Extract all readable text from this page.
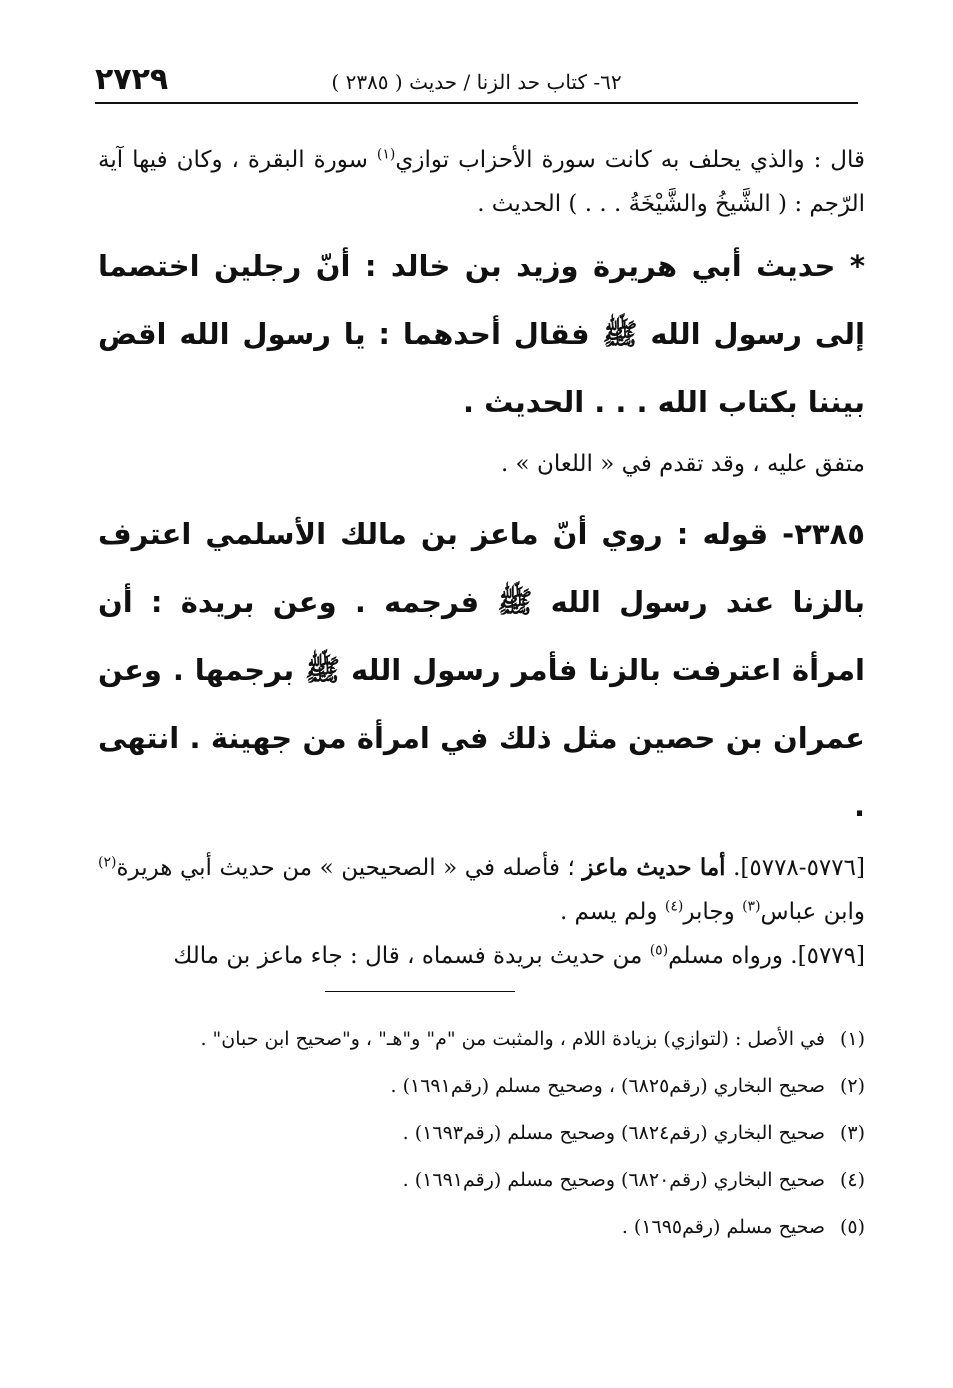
٢٧٢٩	٦٢- كتاب حد الزنا / حديث ( ٢٣٨٥ )

قال : والذي يحلف به كانت سورة الأحزاب توازي$^{(١)}$ سورة البقرة ، وكان فيها آية الرّجم : ( الشَّيخُ والشَّيْخَةُ . . . ) الحديث .

* حديث أبي هريرة وزيد بن خالد : أنّ رجلين اختصما إلى رسول الله ﷺ فقال أحدهما : يا رسول الله اقض بيننا بكتاب الله . . . الحديث .

متفق عليه ، وقد تقدم في « اللعان » .

٢٣٨٥- قوله : روي أنّ ماعز بن مالك الأسلمي اعترف بالزنا عند رسول الله ﷺ فرجمه . وعن بريدة : أن امرأة اعترفت بالزنا فأمر رسول الله ﷺ برجمها . وعن عمران بن حصين مثل ذلك في امرأة من جهينة . انتهى .

[٥٧٧٦-٥٧٧٨]. أما حديث ماعز ؛ فأصله في « الصحيحين » من حديث أبي هريرة$^{(٢)}$ وابن عباس$^{(٣)}$ وجابر$^{(٤)}$ ولم يسم .

[٥٧٧٩]. ورواه مسلم$^{(٥)}$ من حديث بريدة فسماه ، قال : جاء ماعز بن مالك

(١)في الأصل : (لتوازي) بزيادة اللام ، والمثبت من "م" و"هـ" ، و"صحيح ابن حبان" .
(٢)صحيح البخاري (رقم٦٨٢٥) ، وصحيح مسلم (رقم١٦٩١) .
(٣)صحيح البخاري (رقم٦٨٢٤) وصحيح مسلم (رقم١٦٩٣) .
(٤)صحيح البخاري (رقم٦٨٢٠) وصحيح مسلم (رقم١٦٩١) .
(٥)صحيح مسلم (رقم١٦٩٥) .
